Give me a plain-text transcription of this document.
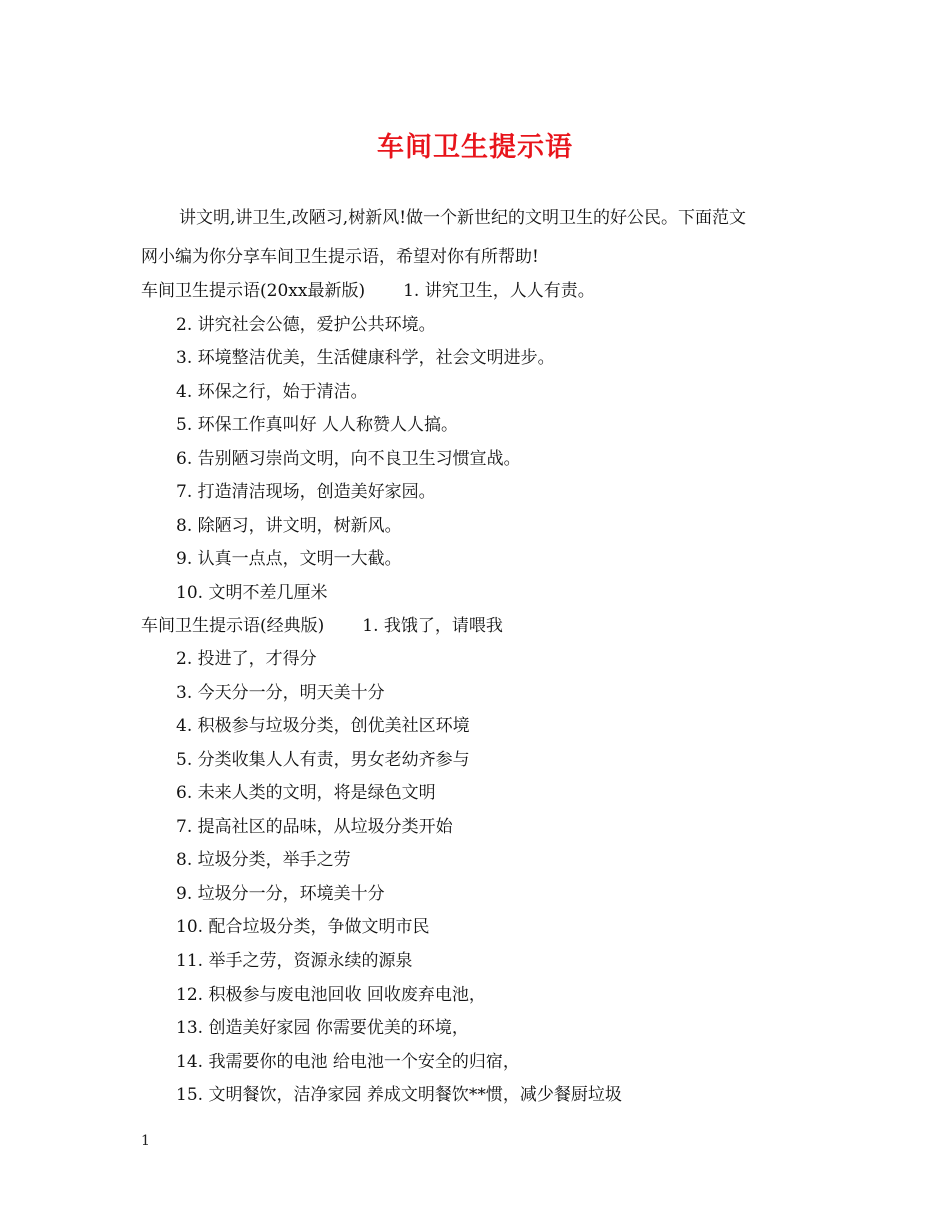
车间卫生提示语
讲文明,讲卫生,改陋习,树新风!做一个新世纪的文明卫生的好公民。下面范文
网小编为你分享车间卫生提示语，希望对你有所帮助!
车间卫生提示语(20xx最新版) 1. 讲究卫生，人人有责。
2. 讲究社会公德，爱护公共环境。
3. 环境整洁优美，生活健康科学，社会文明进步。
4. 环保之行，始于清洁。
5. 环保工作真叫好 人人称赞人人搞。
6. 告别陋习崇尚文明，向不良卫生习惯宣战。
7. 打造清洁现场，创造美好家园。
8. 除陋习，讲文明，树新风。
9. 认真一点点，文明一大截。
10. 文明不差几厘米
车间卫生提示语(经典版) 1. 我饿了，请喂我
2. 投进了，才得分
3. 今天分一分，明天美十分
4. 积极参与垃圾分类，创优美社区环境
5. 分类收集人人有责，男女老幼齐参与
6. 未来人类的文明，将是绿色文明
7. 提高社区的品味，从垃圾分类开始
8. 垃圾分类，举手之劳
9. 垃圾分一分，环境美十分
10. 配合垃圾分类，争做文明市民
11. 举手之劳，资源永续的源泉
12. 积极参与废电池回收 回收废弃电池，
13. 创造美好家园 你需要优美的环境，
14. 我需要你的电池 给电池一个安全的归宿，
15. 文明餐饮，洁净家园 养成文明餐饮**惯，减少餐厨垃圾
1
